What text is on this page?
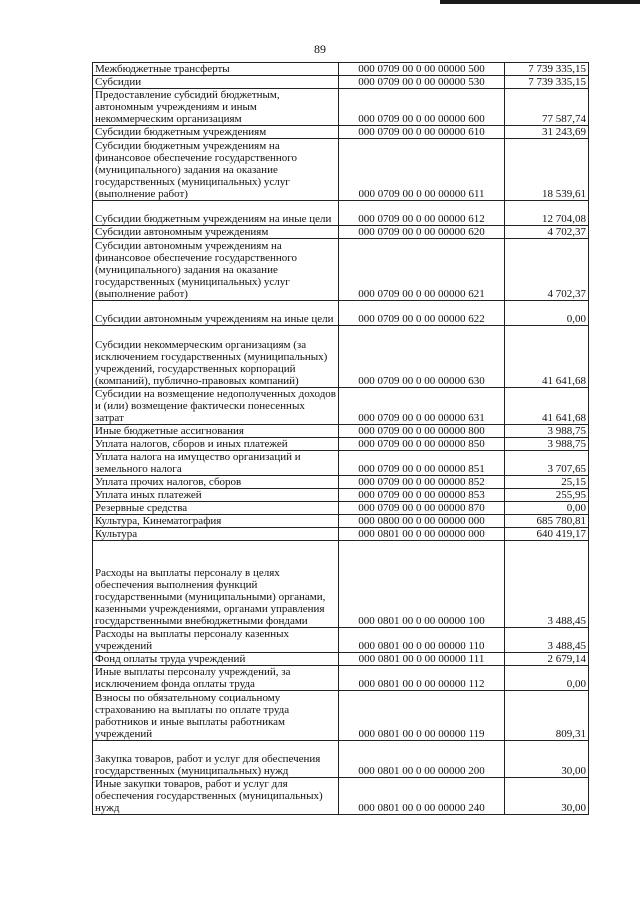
89
Межбюджетные трансферты	000 0709 00 0 00 00000 500	7 739 335,15
Субсидии	000 0709 00 0 00 00000 530	7 739 335,15
Предоставление субсидий бюджетным, автономным учреждениям и иным некоммерческим организациям	000 0709 00 0 00 00000 600	77 587,74
Субсидии бюджетным учреждениям	000 0709 00 0 00 00000 610	31 243,69
Субсидии бюджетным учреждениям на финансовое обеспечение государственного (муниципального) задания на оказание государственных (муниципальных) услуг (выполнение работ)	000 0709 00 0 00 00000 611	18 539,61
Субсидии бюджетным учреждениям на иные цели	000 0709 00 0 00 00000 612	12 704,08
Субсидии автономным учреждениям	000 0709 00 0 00 00000 620	4 702,37
Субсидии автономным учреждениям на финансовое обеспечение государственного (муниципального) задания на оказание государственных (муниципальных) услуг (выполнение работ)	000 0709 00 0 00 00000 621	4 702,37
Субсидии автономным учреждениям на иные цели	000 0709 00 0 00 00000 622	0,00
Субсидии некоммерческим организациям (за исключением государственных (муниципальных) учреждений, государственных корпораций (компаний), публично-правовых компаний)	000 0709 00 0 00 00000 630	41 641,68
Субсидии на возмещение недополученных доходов и (или) возмещение фактически понесенных затрат	000 0709 00 0 00 00000 631	41 641,68
Иные бюджетные ассигнования	000 0709 00 0 00 00000 800	3 988,75
Уплата налогов, сборов и иных платежей	000 0709 00 0 00 00000 850	3 988,75
Уплата налога на имущество организаций и земельного налога	000 0709 00 0 00 00000 851	3 707,65
Уплата прочих налогов, сборов	000 0709 00 0 00 00000 852	25,15
Уплата иных платежей	000 0709 00 0 00 00000 853	255,95
Резервные средства	000 0709 00 0 00 00000 870	0,00
Культура, Кинематография	000 0800 00 0 00 00000 000	685 780,81
Культура	000 0801 00 0 00 00000 000	640 419,17
Расходы на выплаты персоналу в целях обеспечения выполнения функций государственными (муниципальными) органами, казенными учреждениями, органами управления государственными внебюджетными фондами	000 0801 00 0 00 00000 100	3 488,45
Расходы на выплаты персоналу казенных учреждений	000 0801 00 0 00 00000 110	3 488,45
Фонд оплаты труда учреждений	000 0801 00 0 00 00000 111	2 679,14
Иные выплаты персоналу учреждений, за исключением фонда оплаты труда	000 0801 00 0 00 00000 112	0,00
Взносы по обязательному социальному страхованию на выплаты по оплате труда работников и иные выплаты работникам учреждений	000 0801 00 0 00 00000 119	809,31
Закупка товаров, работ и услуг для обеспечения государственных (муниципальных) нужд	000 0801 00 0 00 00000 200	30,00
Иные закупки товаров, работ и услуг для обеспечения государственных (муниципальных) нужд	000 0801 00 0 00 00000 240	30,00
